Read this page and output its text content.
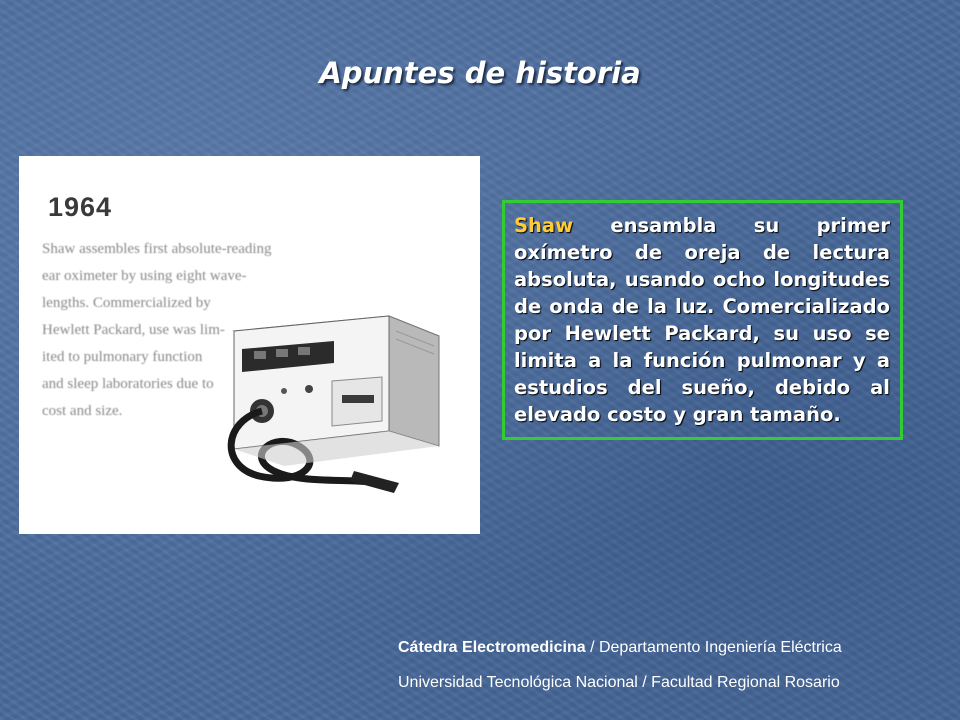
Apuntes de historia
1964
Shaw assembles first absolute-reading
ear oximeter by using eight wave-
lengths. Commercialized by
Hewlett Packard, use was lim-
ited to pulmonary function
and sleep laboratories due to
cost and size.
Shaw ensambla su primer oxímetro de oreja de lectura absoluta, usando ocho longitudes de onda de la luz. Comercializado por Hewlett Packard, su uso se limita a la función pulmonar y a estudios del sueño, debido al elevado costo y gran tamaño.
Cátedra Electromedicina / Departamento Ingeniería Eléctrica
Universidad Tecnológica Nacional / Facultad Regional Rosario
